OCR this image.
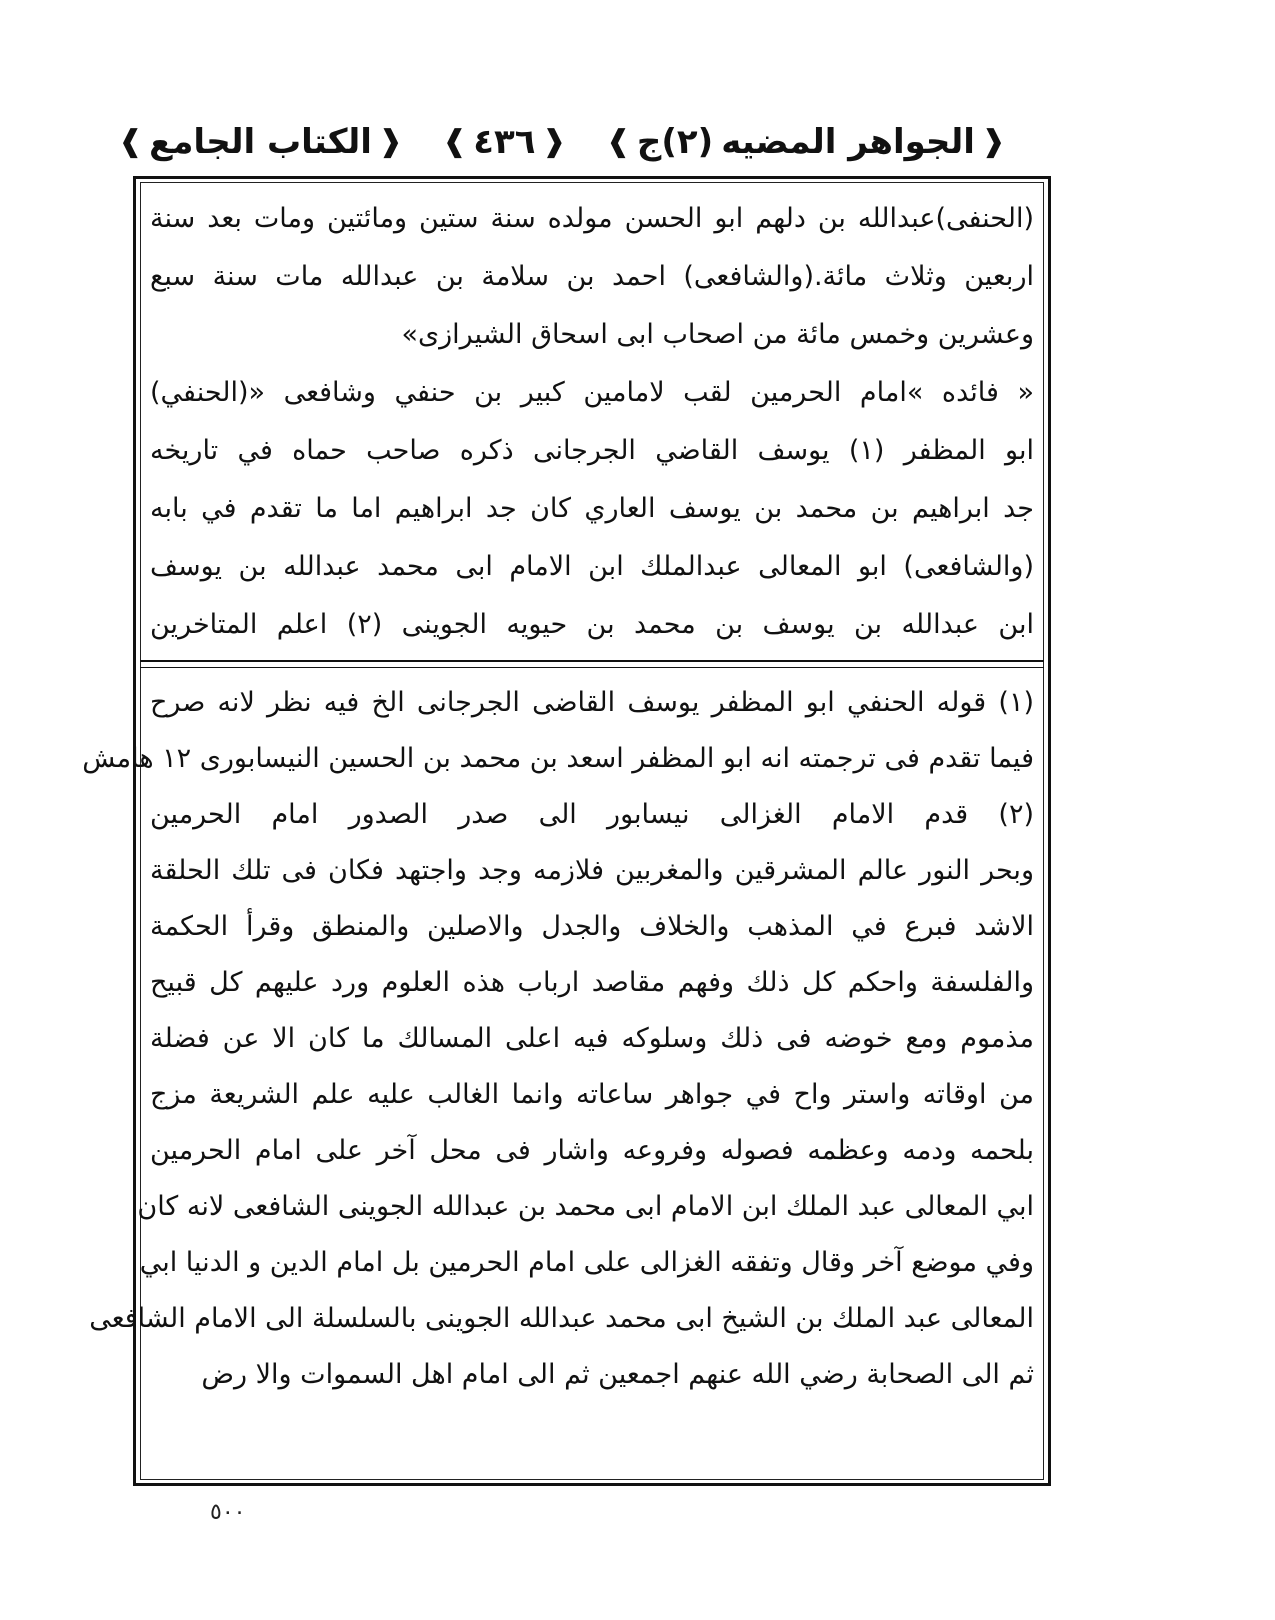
❰
الجواهر المضيه
(٢)ج
❱
❰
٤٣٦
❱
❰
الكتاب الجامع
❱
(الحنفى)عبدالله بن دلهم ابو الحسن مولده سنة ستين ومائتين ومات بعد سنة
اربعين وثلاث مائة.(والشافعى) احمد بن سلامة بن عبدالله مات سنة سبع
وعشرين وخمس مائة من اصحاب ابى اسحاق الشيرازى»
« فائده »امام الحرمين لقب لامامين كبير بن حنفي وشافعى «(الحنفي)
ابو المظفر (١) يوسف القاضي الجرجانى ذكره صاحب حماه في تاريخه
جد ابراهيم بن محمد بن يوسف العاري كان جد ابراهيم اما ما تقدم في بابه
(والشافعى) ابو المعالى عبدالملك ابن الامام ابى محمد عبدالله بن يوسف
ابن عبدالله بن يوسف بن محمد بن حيويه الجوينى (٢) اعلم المتاخرين
(١) قوله الحنفي ابو المظفر يوسف القاضى الجرجانى الخ فيه نظر لانه صرح
فيما تقدم فى ترجمته انه ابو المظفر اسعد بن محمد بن الحسين النيسابورى ١٢ هامش
(٢) قدم الامام الغزالى نيسابور الى صدر الصدور امام الحرمين
وبحر النور عالم المشرقين والمغربين فلازمه وجد واجتهد فكان فى تلك الحلقة
الاشد فبرع في المذهب والخلاف والجدل والاصلين والمنطق وقرأ الحكمة
والفلسفة واحكم كل ذلك وفهم مقاصد ارباب هذه العلوم ورد عليهم كل قبيح
مذموم ومع خوضه فى ذلك وسلوكه فيه اعلى المسالك ما كان الا عن فضلة
من اوقاته واستر واح في جواهر ساعاته وانما الغالب عليه علم الشريعة مزج
بلحمه ودمه وعظمه فصوله وفروعه واشار فى محل آخر على امام الحرمين
ابي المعالى عبد الملك ابن الامام ابى محمد بن عبدالله الجوينى الشافعى لانه كان
وفي موضع آخر وقال وتفقه الغزالى على امام الحرمين بل امام الدين و الدنيا ابي
المعالى عبد الملك بن الشيخ ابى محمد عبدالله الجوينى بالسلسلة الى الامام الشافعى
ثم الى الصحابة رضي الله عنهم اجمعين ثم الى امام اهل السموات والا رض
٥٠٠
